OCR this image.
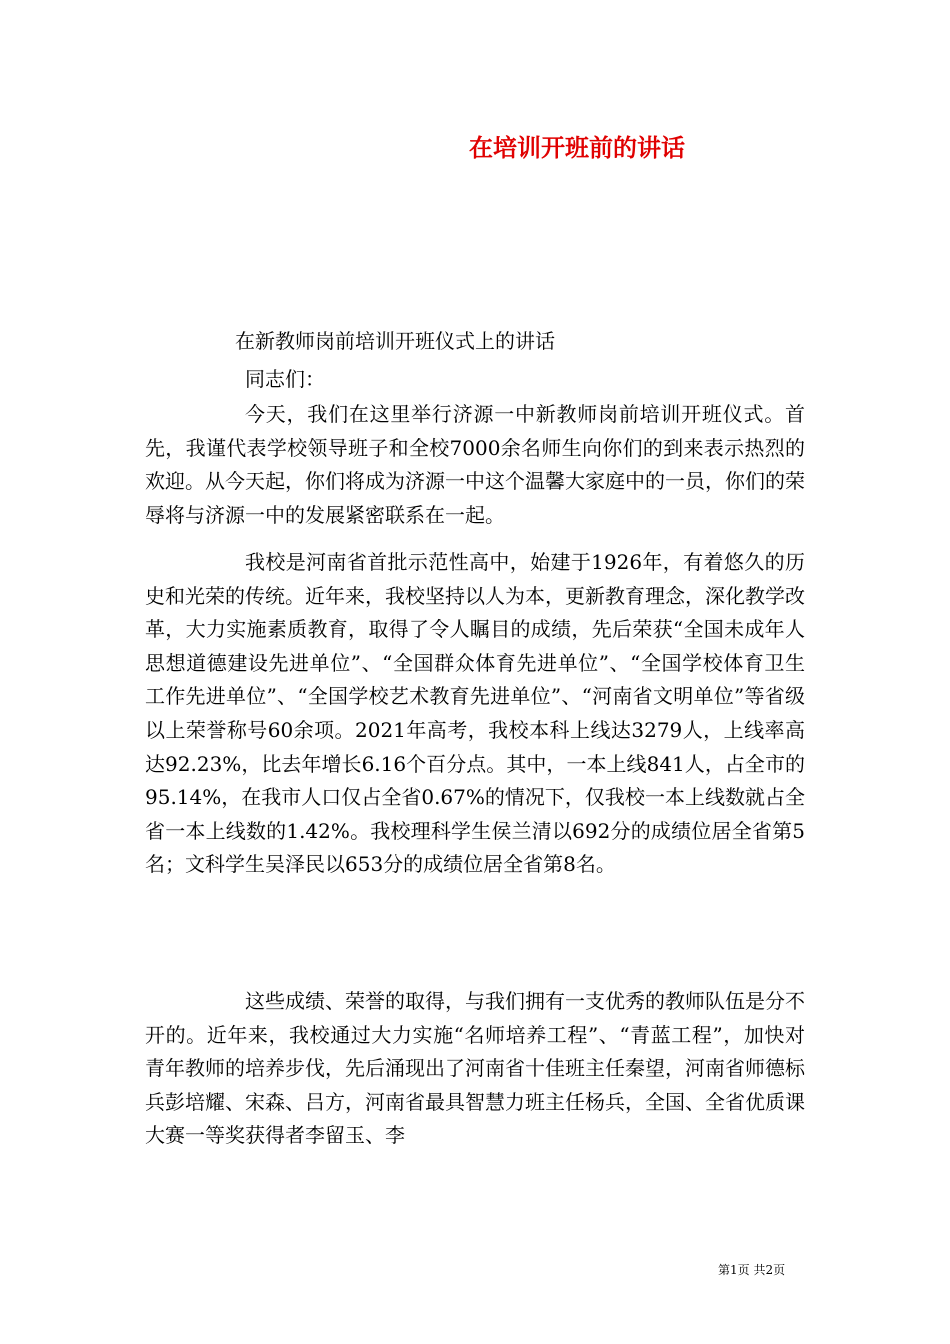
在培训开班前的讲话
在新教师岗前培训开班仪式上的讲话
同志们：

今天，我们在这里举行济源一中新教师岗前培训开班仪式。首先，我谨代表学校领导班子和全校7000余名师生向你们的到来表示热烈的欢迎。从今天起，你们将成为济源一中这个温馨大家庭中的一员，你们的荣辱将与济源一中的发展紧密联系在一起。

我校是河南省首批示范性高中，始建于1926年，有着悠久的历史和光荣的传统。近年来，我校坚持以人为本，更新教育理念，深化教学改革，大力实施素质教育，取得了令人瞩目的成绩，先后荣获“全国未成年人思想道德建设先进单位”、“全国群众体育先进单位”、“全国学校体育卫生工作先进单位”、“全国学校艺术教育先进单位”、“河南省文明单位”等省级以上荣誉称号60余项。2021年高考，我校本科上线达3279人，上线率高达92.23%，比去年增长6.16个百分点。其中，一本上线841人，占全市的95.14%，在我市人口仅占全省0.67%的情况下，仅我校一本上线数就占全省一本上线数的1.42%。我校理科学生侯兰清以692分的成绩位居全省第5名；文科学生吴泽民以653分的成绩位居全省第8名。

这些成绩、荣誉的取得，与我们拥有一支优秀的教师队伍是分不开的。近年来，我校通过大力实施“名师培养工程”、“青蓝工程”，加快对青年教师的培养步伐，先后涌现出了河南省十佳班主任秦望，河南省师德标兵彭培耀、宋森、吕方，河南省最具智慧力班主任杨兵，全国、全省优质课大赛一等奖获得者李留玉、李

第1页 共2页
